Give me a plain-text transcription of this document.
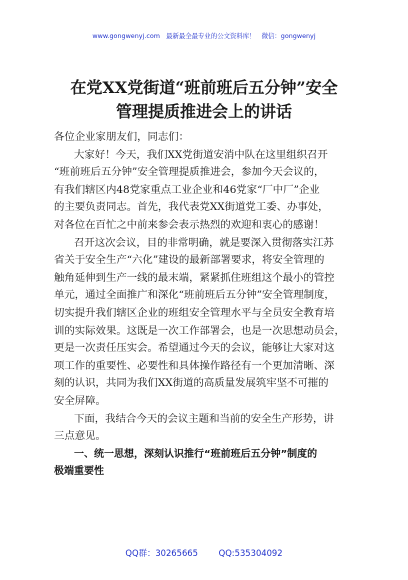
www.gongwenyj.com 最新最全最专业的公文资料库！ 微信：gongwenyj
在党XX党街道“班前班后五分钟”安全
管理提质推进会上的讲话
各位企业家朋友们，同志们：
大家好！今天，我们XX党街道安消中队在这里组织召开
“班前班后五分钟”安全管理提质推进会，参加今天会议的，
有我们辖区内48党家重点工业企业和46党家“厂中厂”企业
的主要负责同志。首先，我代表党XX街道党工委、办事处，
对各位在百忙之中前来参会表示热烈的欢迎和衷心的感谢！
召开这次会议，目的非常明确，就是要深入贯彻落实江苏
省关于安全生产“六化”建设的最新部署要求，将安全管理的
触角延伸到生产一线的最末端，紧紧抓住班组这个最小的管控
单元，通过全面推广和深化“班前班后五分钟”安全管理制度，
切实提升我们辖区企业的班组安全管理水平与全员安全教育培
训的实际效果。这既是一次工作部署会，也是一次思想动员会，
更是一次责任压实会。希望通过今天的会议，能够让大家对这
项工作的重要性、必要性和具体操作路径有一个更加清晰、深
刻的认识，共同为我们XX街道的高质量发展筑牢坚不可摧的
安全屏障。
下面，我结合今天的会议主题和当前的安全生产形势，讲
三点意见。
一、统一思想，深刻认识推行“班前班后五分钟”制度的
极端重要性
QQ群：30265665 QQ:535304092
